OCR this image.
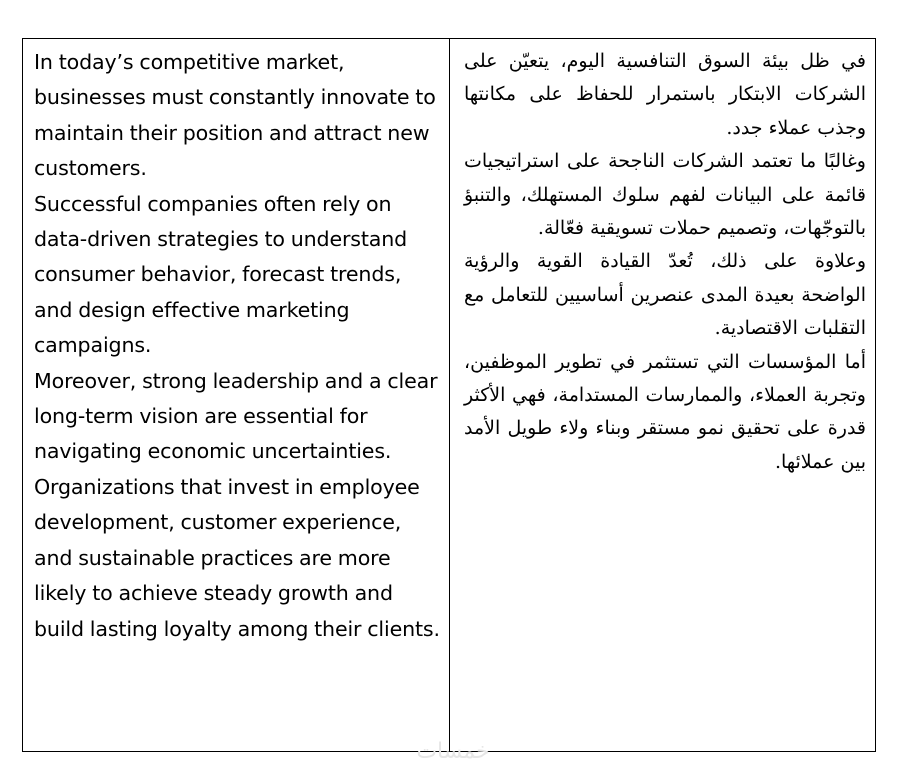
In today’s competitive market, businesses must constantly innovate to maintain their position and attract new customers.

Successful companies often rely on data-driven strategies to understand consumer behavior, forecast trends, and design effective marketing campaigns.

Moreover, strong leadership and a clear long-term vision are essential for navigating economic uncertainties.

Organizations that invest in employee development, customer experience, and sustainable practices are more likely to achieve steady growth and build lasting loyalty among their clients.

في ظل بيئة السوق التنافسية اليوم، يتعيّن على الشركات الابتكار باستمرار للحفاظ على مكانتها وجذب عملاء جدد.

وغالبًا ما تعتمد الشركات الناجحة على استراتيجيات قائمة على البيانات لفهم سلوك المستهلك، والتنبؤ بالتوجّهات، وتصميم حملات تسويقية فعّالة.

وعلاوة على ذلك، تُعدّ القيادة القوية والرؤية الواضحة بعيدة المدى عنصرين أساسيين للتعامل مع التقلبات الاقتصادية.

أما المؤسسات التي تستثمر في تطوير الموظفين، وتجربة العملاء، والممارسات المستدامة، فهي الأكثر قدرة على تحقيق نمو مستقر وبناء ولاء طويل الأمد بين عملائها.

خمسات
